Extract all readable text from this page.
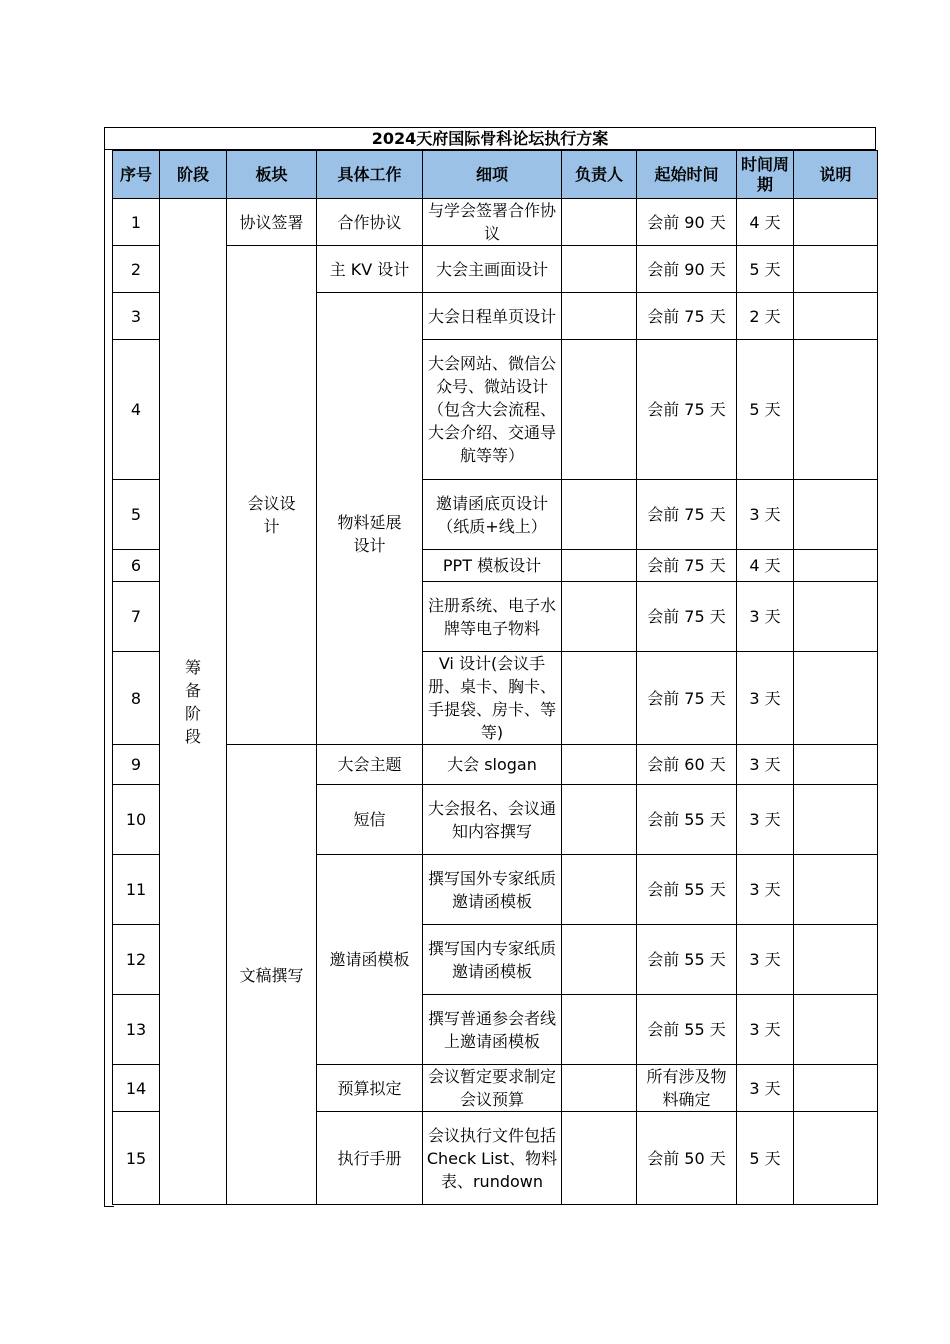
2024天府国际骨科论坛执行方案
序号	阶段	板块	具体工作	细项	负责人	起始时间	时间周期	说明
1	筹备阶段	协议签署	合作协议	与学会签署合作协议		会前 90 天	4 天	
2		会议设计	主 KV 设计	大会主画面设计		会前 90 天	5 天	
3			物料延展设计	大会日程单页设计		会前 75 天	2 天	
4				大会网站、微信公众号、微站设计（包含大会流程、大会介绍、交通导航等等）		会前 75 天	5 天	
5				邀请函底页设计（纸质+线上）		会前 75 天	3 天	
6				PPT 模板设计		会前 75 天	4 天	
7				注册系统、电子水牌等电子物料		会前 75 天	3 天	
8				Vi 设计(会议手册、桌卡、胸卡、手提袋、房卡、等等)		会前 75 天	3 天	
9		文稿撰写	大会主题	大会 slogan		会前 60 天	3 天	
10			短信	大会报名、会议通知内容撰写		会前 55 天	3 天	
11			邀请函模板	撰写国外专家纸质邀请函模板		会前 55 天	3 天	
12				撰写国内专家纸质邀请函模板		会前 55 天	3 天	
13				撰写普通参会者线上邀请函模板		会前 55 天	3 天	
14			预算拟定	会议暂定要求制定会议预算		所有涉及物料确定	3 天	
15			执行手册	会议执行文件包括 Check List、物料表、rundown		会前 50 天	5 天	
